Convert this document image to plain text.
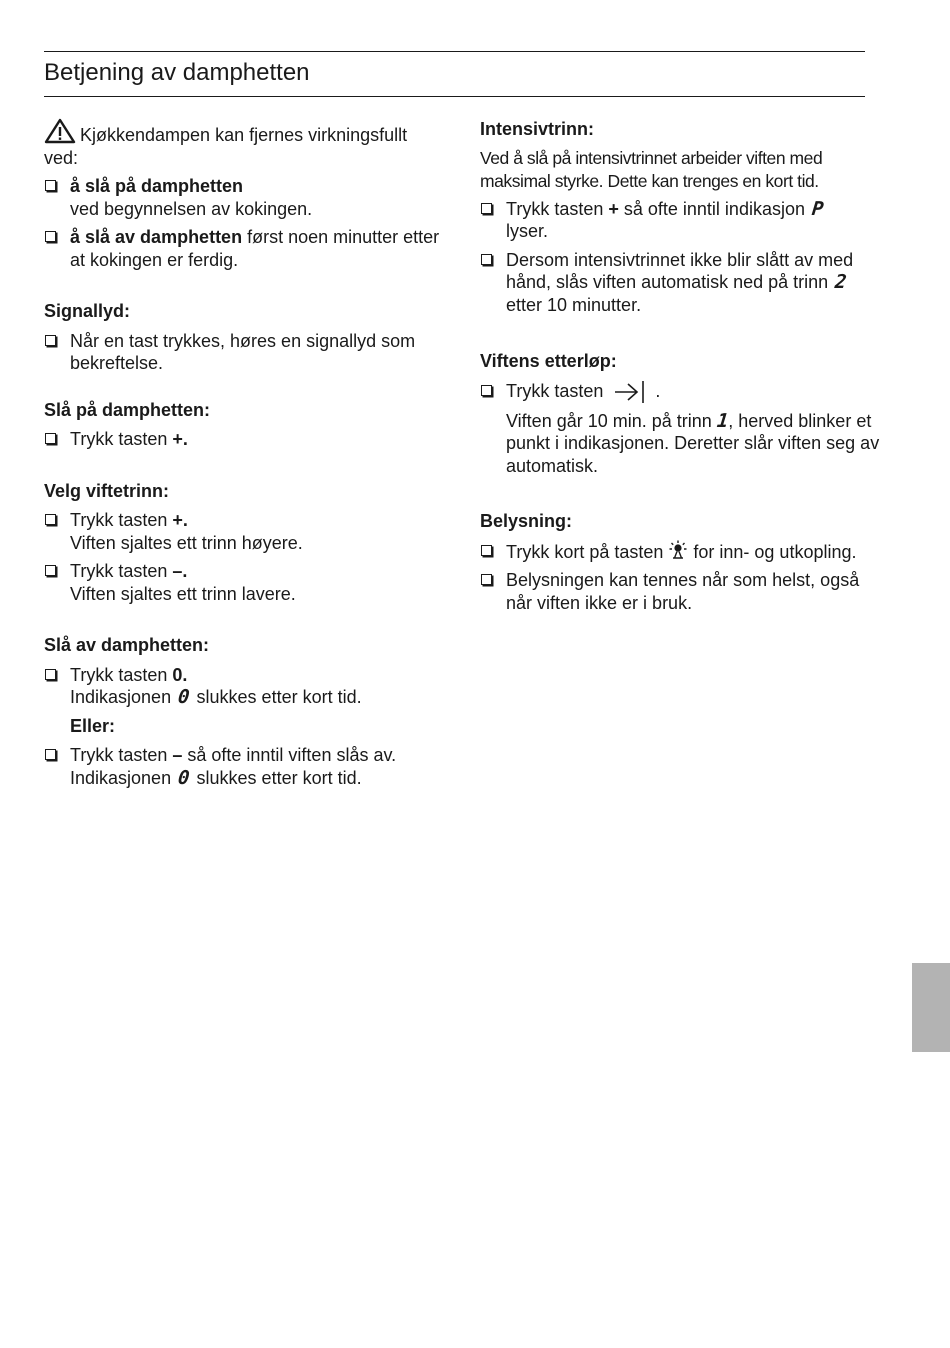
Betjening av damphetten

Kjøkkendampen kan fjernes virkningsfullt ved:

å slå på damphetten
ved begynnelsen av kokingen.
å slå av damphetten først noen minutter etter at kokingen er ferdig.

Signallyd:

Når en tast trykkes, høres en signallyd som bekreftelse.

Slå på damphetten:

Trykk tasten +.

Velg viftetrinn:

Trykk tasten +.
Viften sjaltes ett trinn høyere.
Trykk tasten –.
Viften sjaltes ett trinn lavere.

Slå av damphetten:

Trykk tasten 0.
Indikasjonen 0 slukkes etter kort tid.

Eller:

Trykk tasten – så ofte inntil viften slås av.
Indikasjonen 0 slukkes etter kort tid.

Intensivtrinn:

Ved å slå på intensivtrinnet arbeider viften med maksimal styrke. Dette kan trenges en kort tid.

Trykk tasten + så ofte inntil indikasjon P
lyser.
Dersom intensivtrinnet ikke blir slått av med hånd, slås viften automatisk ned på trinn 2 etter 10 minutter.

Viftens etterløp:

Trykk tasten  .

Viften går 10 min. på trinn 1, herved blinker et punkt i indikasjonen. Deretter slår viften seg av automatisk.

Belysning:

Trykk kort på tasten  for inn- og utkopling.
Belysningen kan tennes når som helst, også når viften ikke er i bruk.
